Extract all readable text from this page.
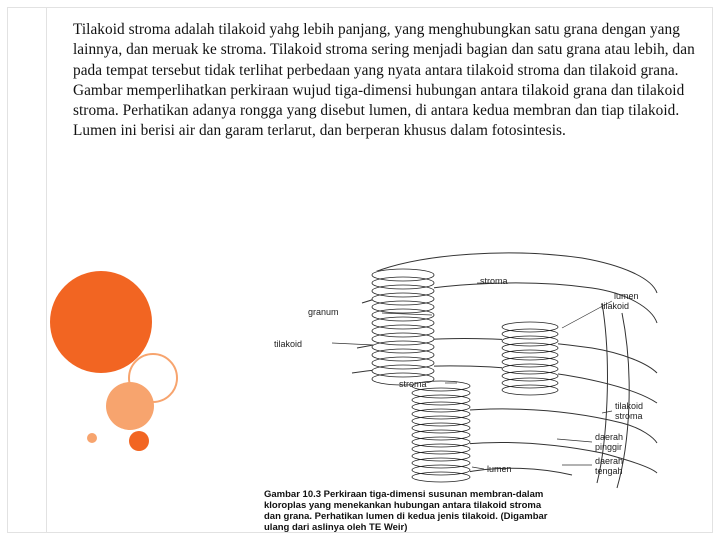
Tilakoid stroma adalah tilakoid yahg lebih panjang, yang menghubungkan satu grana dengan yang lainnya, dan meruak ke stroma. Tilakoid stroma sering menjadi bagian dan satu grana atau lebih, dan pada tempat tersebut tidak terlihat perbedaan yang nyata antara tilakoid stroma dan tilakoid grana. Gambar memperlihatkan perkiraan wujud tiga-dimensi hubungan antara tilakoid grana dan tilakoid stroma. Perhatikan adanya rongga yang disebut lumen, di antara kedua membran dan tiap tilakoid. Lumen ini berisi air dan garam terlarut, dan berperan khusus dalam fotosintesis.

stroma
lumen
tilakoid
granum
tilakoid
stroma
tilakoid
stroma
daerah
pinggir
daerah
tengah
lumen
Gambar 10.3 Perkiraan tiga-dimensi susunan membran-dalam
kloroplas yang menekankan hubungan antara tilakoid stroma
dan grana. Perhatikan lumen di kedua jenis tilakoid. (Digambar
ulang dari aslinya oleh TE Weir)
